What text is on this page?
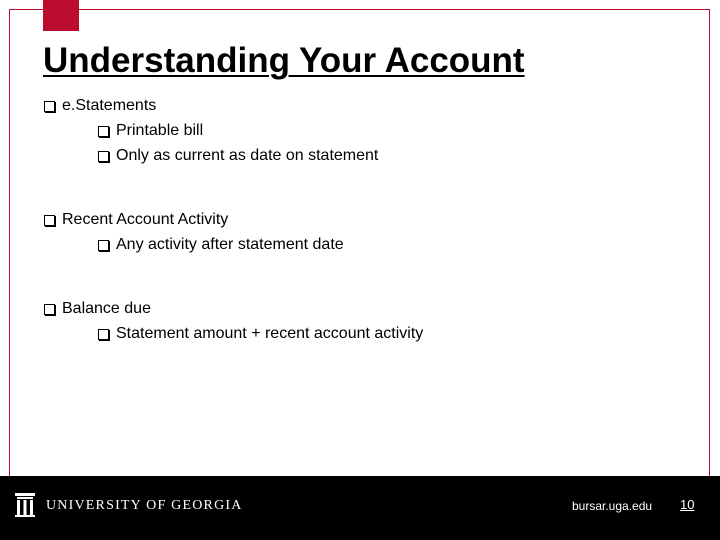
Understanding Your Account
e.Statements
Printable bill
Only as current as date on statement
Recent Account Activity
Any activity after statement date
Balance due
Statement amount + recent account activity
UNIVERSITY OF GEORGIA	bursar.uga.edu 10
